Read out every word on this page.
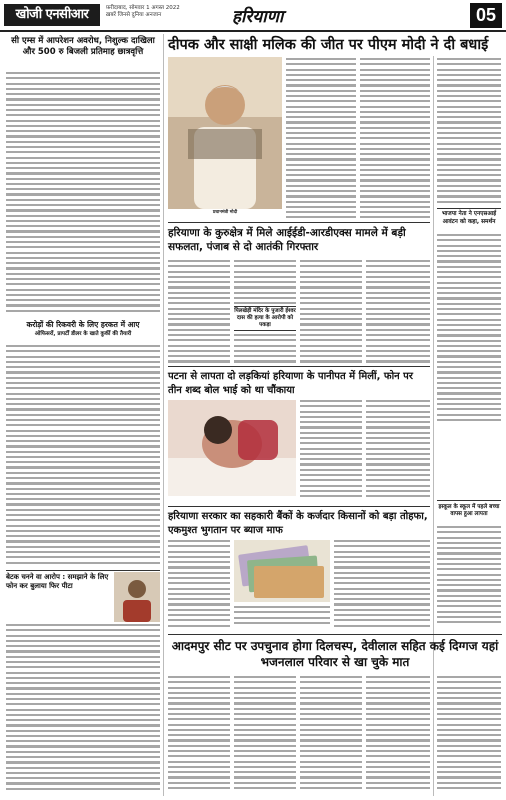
खोजी एनसीआर	फ़रीदाबाद, सोमवार 1 अगस्त 2022
ख़बरें जिनसे दुनिया अनजान	हरियाणा	05
सी एम्स में आपरेशन अवरोध, निशुल्क दाखिला और 500 रु बिजली प्रतिमाह छात्रवृत्ति
करोड़ों की रिकवरी के लिए हरकत में आए
ओफिसरों, प्रापर्टी डीलर के खाते कुर्की की तैयारी
बेटक चनने वा आरोप : समझाने के लिए फोन कर बुलाया फिर पीटा
दीपक और साक्षी मलिक की जीत पर पीएम मोदी ने दी बधाई
प्रधानमंत्री मोदी	भाजपा नेता ने एनएसआई आवंटन को कहा, समर्थन
हरियाणा के कुरुक्षेत्र में मिले आईईडी-आरडीएक्स मामले में बड़ी सफलता, पंजाब से दो आतंकी गिरफ्तार
पिलखेड़ी मंदिर के पुजारी ईश्वर दास की हत्या के आरोपी को पकड़ा
पटना से लापता दो लड़कियां हरियाणा के पानीपत में मिलीं, फोन पर तीन शब्द बोल भाई को था चौंकाया
इस्कूल के स्कूल में पहले बच्चा वापस हुआ लापता
हरियाणा सरकार का सहकारी बैंकों के कर्जदार किसानों को बड़ा तोहफा, एकमुश्त भुगतान पर ब्याज माफ
आदमपुर सीट पर उपचुनाव होगा दिलचस्प, देवीलाल सहित कई दिग्गज यहां भजनलाल परिवार से खा चुके मात
